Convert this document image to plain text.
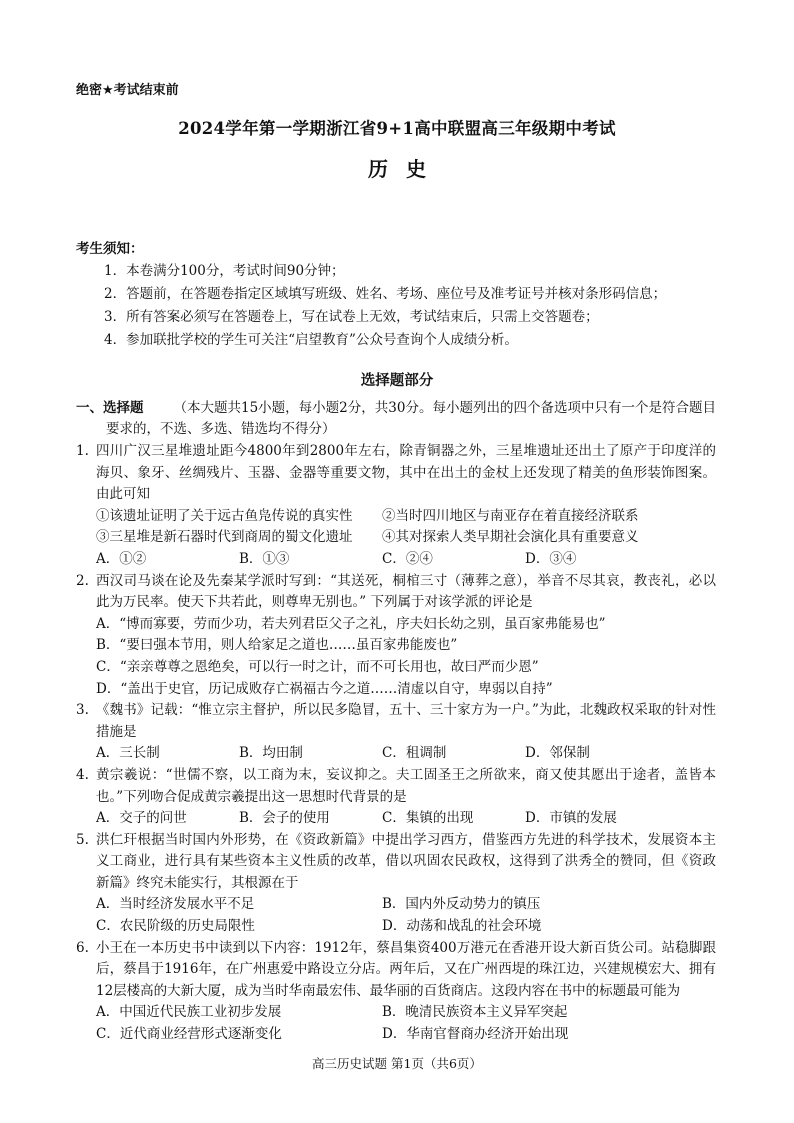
绝密★考试结束前
2024学年第一学期浙江省9+1高中联盟高三年级期中考试
历史
考生须知：
1．本卷满分100分，考试时间90分钟；
2．答题前，在答题卷指定区域填写班级、姓名、考场、座位号及准考证号并核对条形码信息；
3．所有答案必须写在答题卷上，写在试卷上无效，考试结束后，只需上交答题卷；
4．参加联批学校的学生可关注“启望教育”公众号查询个人成绩分析。
选择题部分
一、选择题 （本大题共15小题，每小题2分，共30分。每小题列出的四个备选项中只有一个是符合题目要求的，不选、多选、错选均不得分）
1. 四川广汉三星堆遗址距今4800年到2800年左右，除青铜器之外，三星堆遗址还出土了原产于印度洋的海贝、象牙、丝绸残片、玉器、金器等重要文物，其中在出土的金杖上还发现了精美的鱼形装饰图案。由此可知
①该遗址证明了关于远古鱼凫传说的真实性	②当时四川地区与南亚存在着直接经济联系
③三星堆是新石器时代到商周的蜀文化遗址	④其对探索人类早期社会演化具有重要意义
A．①②	B．①③	C．②④	D．③④
2. 西汉司马谈在论及先秦某学派时写到：“其送死，桐棺三寸（薄葬之意），举音不尽其哀，教丧礼，必以此为万民率。使天下共若此，则尊卑无别也。” 下列属于对该学派的评论是
A．“博而寡要，劳而少功，若夫列君臣父子之礼，序夫妇长幼之别，虽百家弗能易也”
B．“要曰强本节用，则人给家足之道也……虽百家弗能废也”
C．“亲亲尊尊之恩绝矣，可以行一时之计，而不可长用也，故曰严而少恩”
D．“盖出于史官，历记成败存亡祸福古今之道……清虚以自守，卑弱以自持”
3. 《魏书》记载：“惟立宗主督护，所以民多隐冒，五十、三十家方为一户。”为此，北魏政权采取的针对性措施是
A．三长制	B．均田制	C．租调制	D．邻保制
4. 黄宗羲说：“世儒不察，以工商为末，妄议抑之。夫工固圣王之所欲来，商又使其愿出于途者，盖皆本也。”下列吻合促成黄宗羲提出这一思想时代背景的是
A．交子的问世	B．会子的使用	C．集镇的出现	D．市镇的发展
5. 洪仁玕根据当时国内外形势，在《资政新篇》中提出学习西方，借鉴西方先进的科学技术，发展资本主义工商业，进行具有某些资本主义性质的改革，借以巩固农民政权，这得到了洪秀全的赞同，但《资政新篇》终究未能实行，其根源在于
A．当时经济发展水平不足	B．国内外反动势力的镇压
C．农民阶级的历史局限性	D．动荡和战乱的社会环境
6. 小王在一本历史书中读到以下内容：1912年，蔡昌集资400万港元在香港开设大新百货公司。站稳脚跟后，蔡昌于1916年，在广州惠爱中路设立分店。两年后，又在广州西堤的珠江边，兴建规模宏大、拥有12层楼高的大新大厦，成为当时华南最宏伟、最华丽的百货商店。这段内容在书中的标题最可能为
A．中国近代民族工业初步发展	B．晚清民族资本主义异军突起
C．近代商业经营形式逐渐变化	D．华南官督商办经济开始出现
高三历史试题 第1页（共6页）
